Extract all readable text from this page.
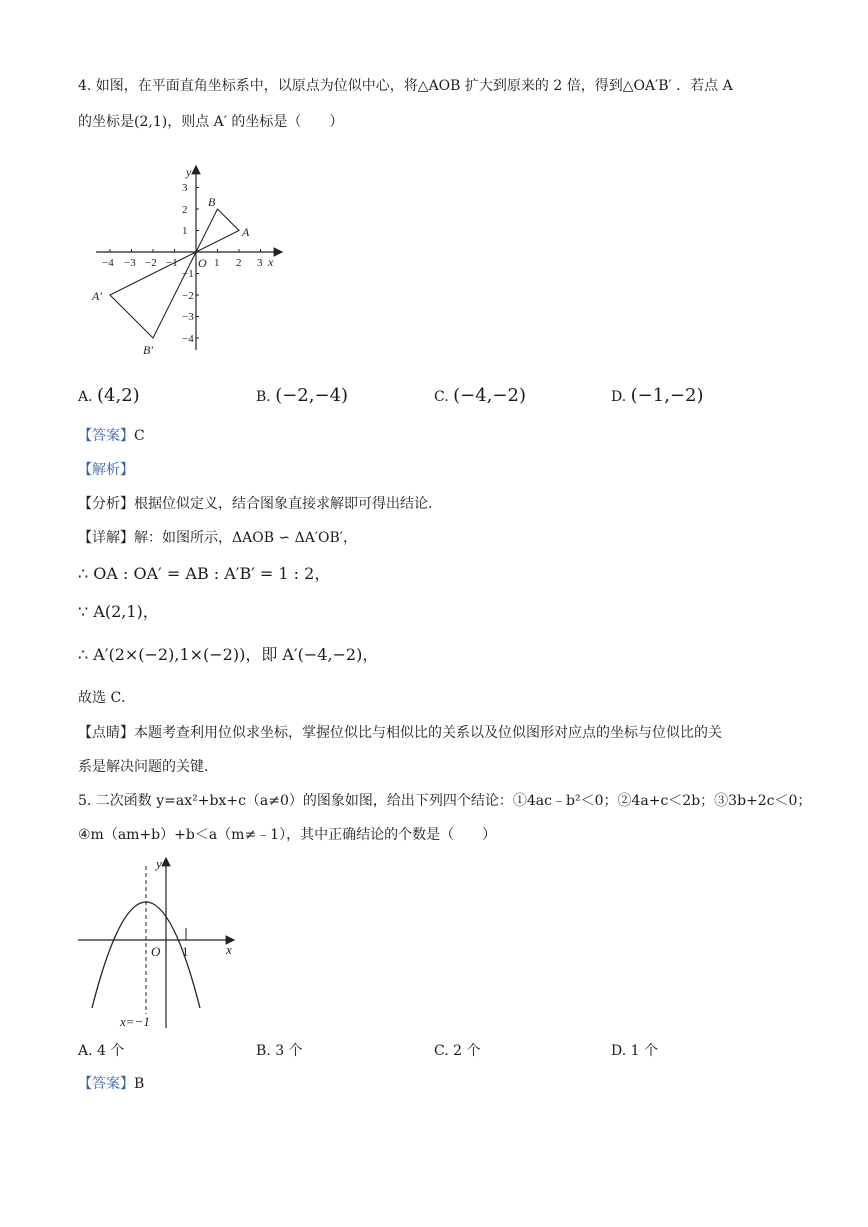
4. 如图，在平面直角坐标系中，以原点为位似中心，将△AOB 扩大到原来的 2 倍，得到△OA′B′ ．若点 A
的坐标是(2,1)，则点 A′ 的坐标是（　　）
−4 −3 −2 −1 O 1 2 3 x
y
3
2
1
−1
−2
−3
−4
A
B
A′
B′
A. (4,2)	B. (−2,−4)	C. (−4,−2)	D. (−1,−2)
【答案】C
【解析】
【分析】根据位似定义，结合图象直接求解即可得出结论．
【详解】解：如图所示，ΔAOB ∽ ΔA′OB′，
∴ OA : OA′ = AB : A′B′ = 1 : 2，
∵ A(2,1)，
∴ A′(2×(−2),1×(−2))，即 A′(−4,−2)，
故选 C．
【点睛】本题考查利用位似求坐标，掌握位似比与相似比的关系以及位似图形对应点的坐标与位似比的关
系是解决问题的关键．
5. 二次函数 y=ax²+bx+c（a≠0）的图象如图，给出下列四个结论：①4ac﹣b²＜0；②4a+c＜2b；③3b+2c＜0；
④m（am+b）+b＜a（m≠﹣1），其中正确结论的个数是（　　）
y
x
O 1
x=−1
A. 4 个	B. 3 个	C. 2 个	D. 1 个
【答案】B
